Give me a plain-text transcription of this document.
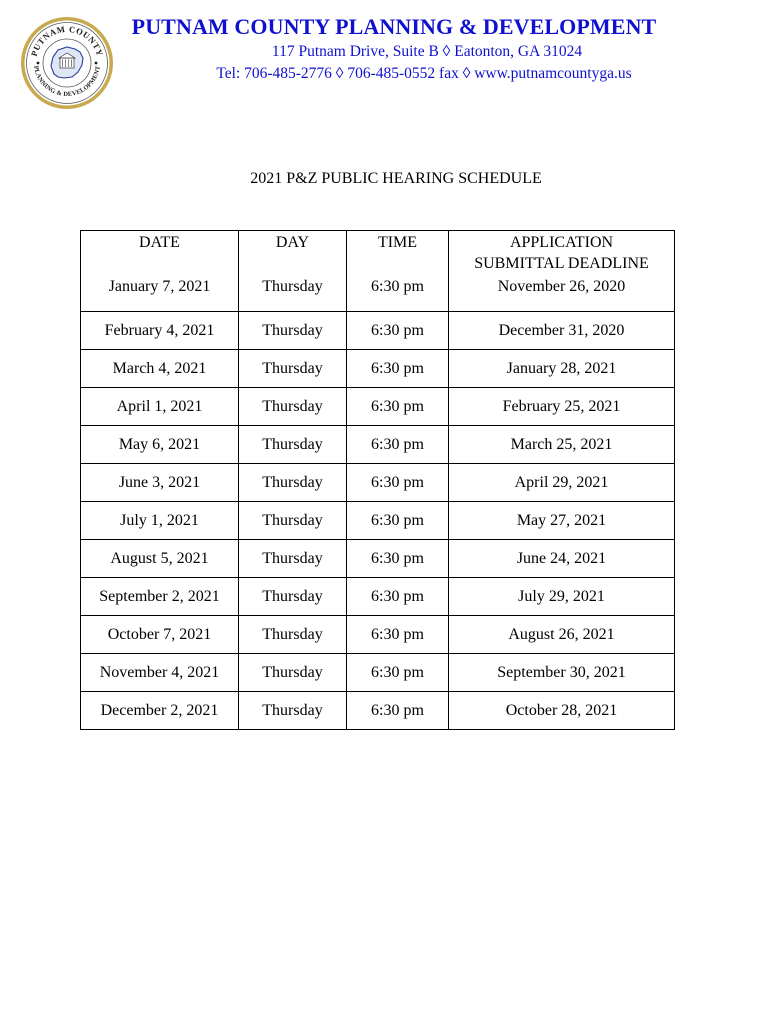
PUTNAM COUNTY
PLANNING & DEVELOPMENT
PUTNAM COUNTY PLANNING & DEVELOPMENT
117 Putnam Drive, Suite B ◊ Eatonton, GA 31024
Tel: 706-485-2776 ◊ 706-485-0552 fax ◊ www.putnamcountyga.us
2021 P&Z PUBLIC HEARING SCHEDULE
DATE	DAY	TIME	APPLICATION
SUBMITTAL DEADLINE

January 7, 2021	Thursday	6:30 pm	November 26, 2020
February 4, 2021	Thursday	6:30 pm	December 31, 2020
March 4, 2021	Thursday	6:30 pm	January 28, 2021
April 1, 2021	Thursday	6:30 pm	February 25, 2021
May 6, 2021	Thursday	6:30 pm	March 25, 2021
June 3, 2021	Thursday	6:30 pm	April 29, 2021
July 1, 2021	Thursday	6:30 pm	May 27, 2021
August 5, 2021	Thursday	6:30 pm	June 24, 2021
September 2, 2021	Thursday	6:30 pm	July 29, 2021
October 7, 2021	Thursday	6:30 pm	August 26, 2021
November 4, 2021	Thursday	6:30 pm	September 30, 2021
December 2, 2021	Thursday	6:30 pm	October 28, 2021
